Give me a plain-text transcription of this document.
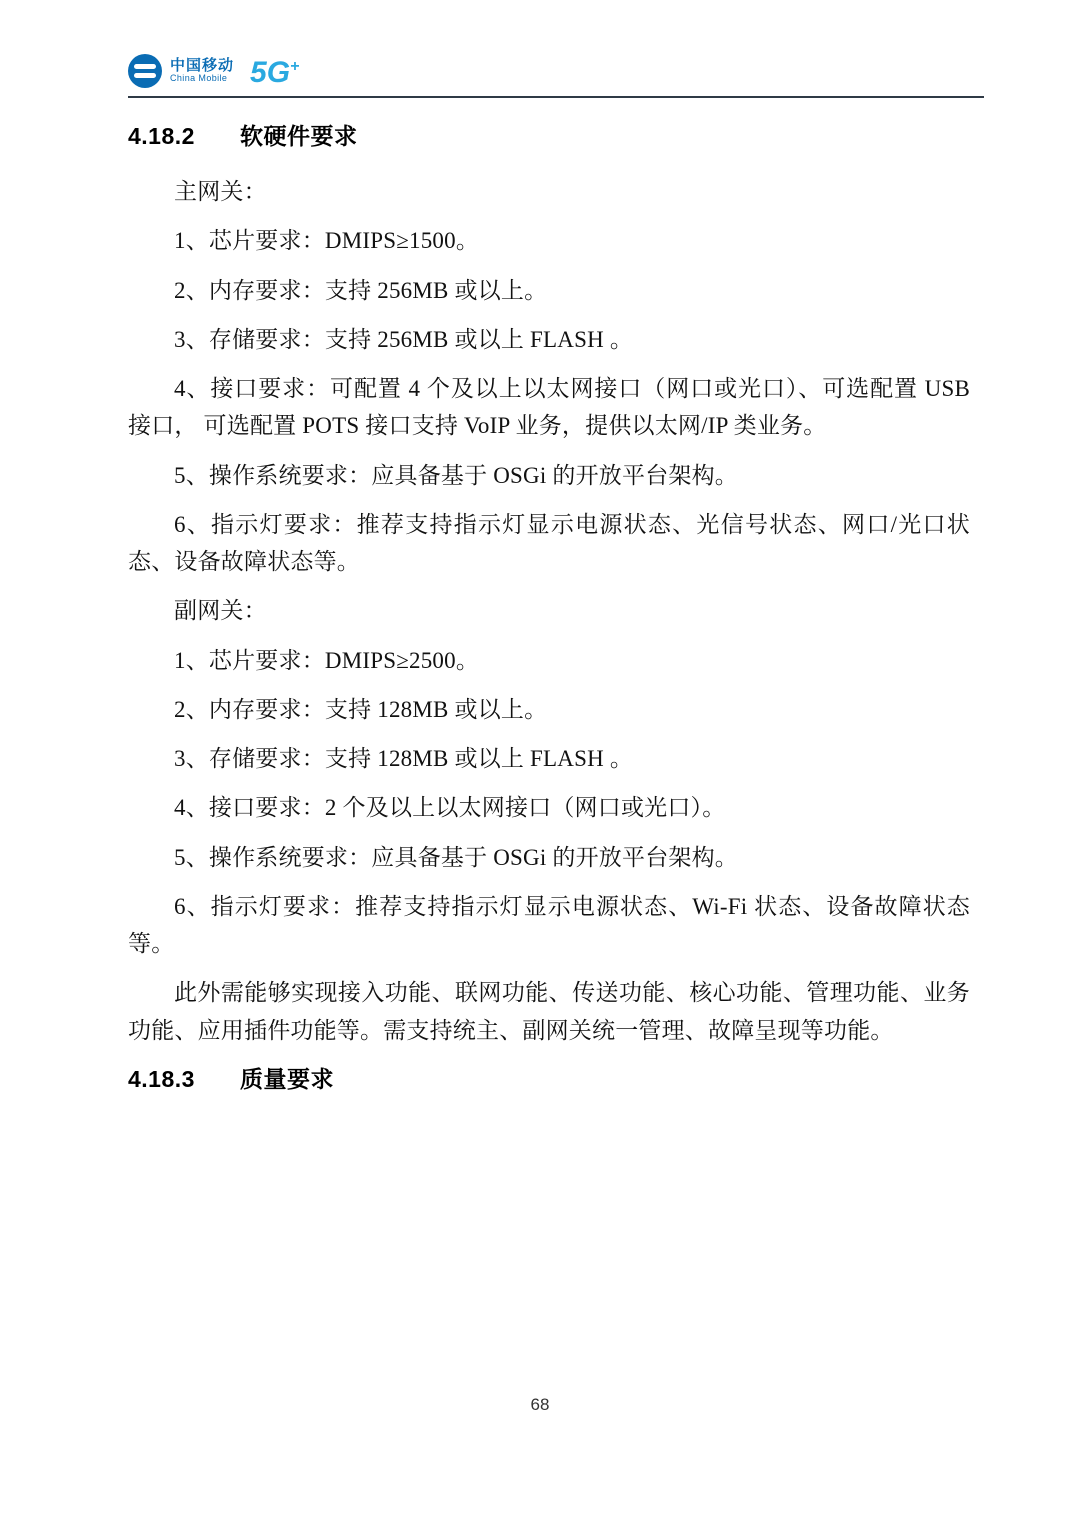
中国移动
China Mobile 5G+
4.18.2 软硬件要求

主网关：

1、芯片要求：DMIPS≥1500。

2、内存要求：支持 256MB 或以上。

3、存储要求：支持 256MB 或以上 FLASH 。

4、接口要求：可配置 4 个及以上以太网接口（网口或光口）、可选配置 USB 接口， 可选配置 POTS 接口支持 VoIP 业务，提供以太网/IP 类业务。

5、操作系统要求：应具备基于 OSGi 的开放平台架构。

6、指示灯要求：推荐支持指示灯显示电源状态、光信号状态、网口/光口状态、设备故障状态等。

副网关：

1、芯片要求：DMIPS≥2500。

2、内存要求：支持 128MB 或以上。

3、存储要求：支持 128MB 或以上 FLASH 。

4、接口要求：2 个及以上以太网接口（网口或光口）。

5、操作系统要求：应具备基于 OSGi 的开放平台架构。

6、指示灯要求：推荐支持指示灯显示电源状态、Wi-Fi 状态、设备故障状态等。

此外需能够实现接入功能、联网功能、传送功能、核心功能、管理功能、业务功能、应用插件功能等。需支持统主、副网关统一管理、故障呈现等功能。

4.18.3 质量要求
68
